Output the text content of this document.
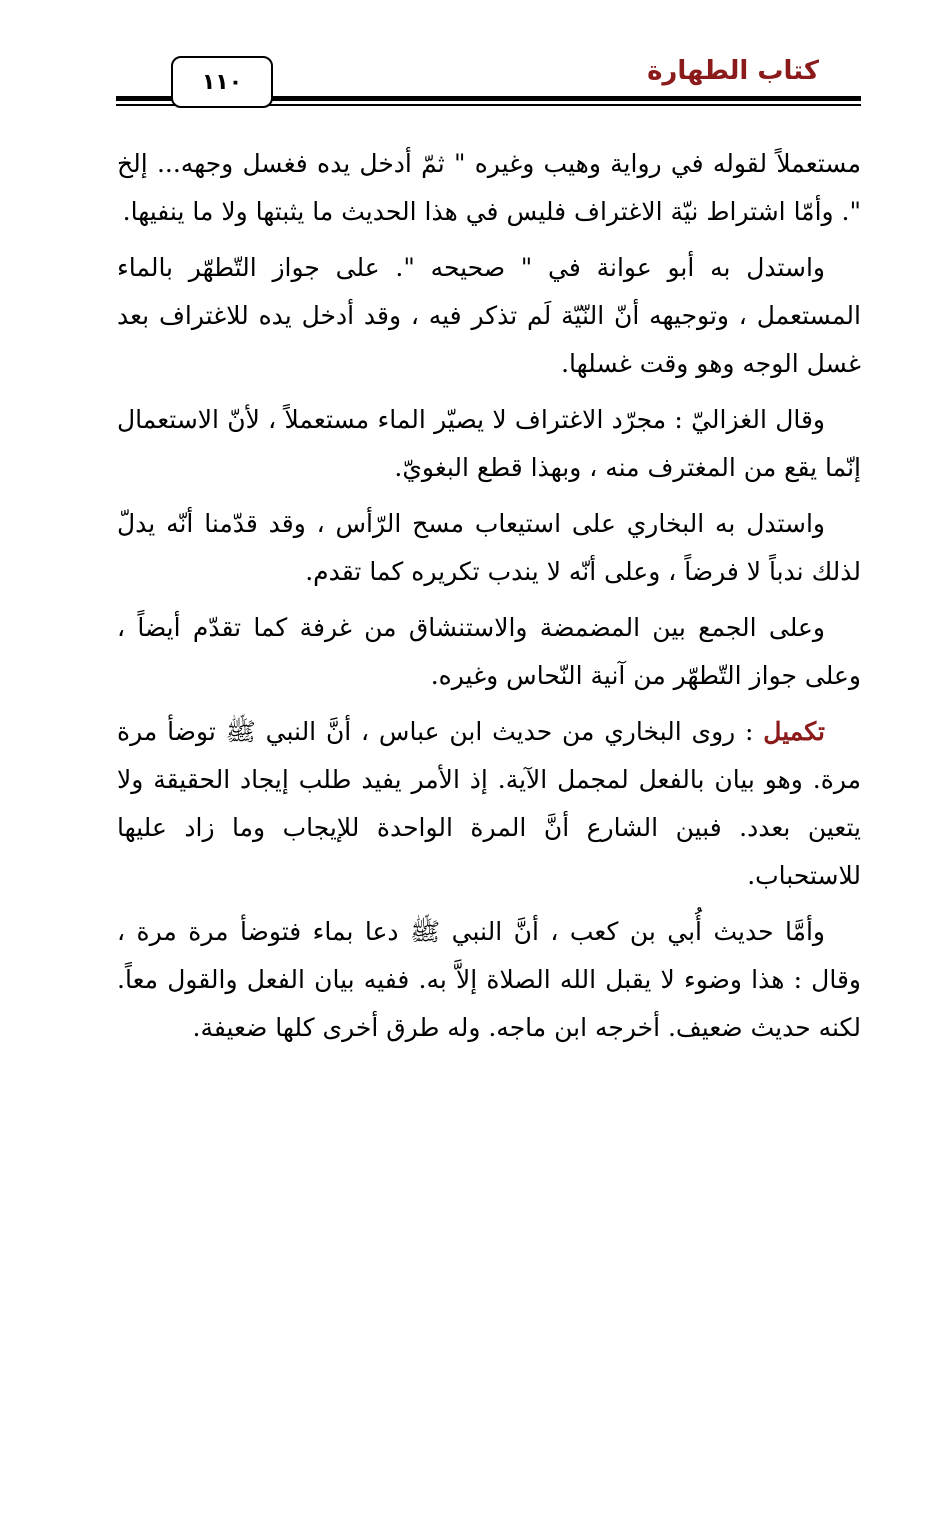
كتاب الطهارة
١١٠

مستعملاً لقوله في رواية وهيب وغيره " ثمّ أدخل يده فغسل وجهه... إلخ ". وأمّا اشتراط نيّة الاغتراف فليس في هذا الحديث ما يثبتها ولا ما ينفيها.

واستدل به أبو عوانة في " صحيحه ". على جواز التّطهّر بالماء المستعمل ، وتوجيهه أنّ النّيّة لَم تذكر فيه ، وقد أدخل يده للاغتراف بعد غسل الوجه وهو وقت غسلها.

وقال الغزاليّ : مجرّد الاغتراف لا يصيّر الماء مستعملاً ، لأنّ الاستعمال إنّما يقع من المغترف منه ، وبهذا قطع البغويّ.

واستدل به البخاري على استيعاب مسح الرّأس ، وقد قدّمنا أنّه يدلّ لذلك ندباً لا فرضاً ، وعلى أنّه لا يندب تكريره كما تقدم.

وعلى الجمع بين المضمضة والاستنشاق من غرفة كما تقدّم أيضاً ، وعلى جواز التّطهّر من آنية النّحاس وغيره.

تكميل : روى البخاري من حديث ابن عباس ، أنَّ النبي ﷺ توضأ مرة مرة. وهو بيان بالفعل لمجمل الآية. إذ الأمر يفيد طلب إيجاد الحقيقة ولا يتعين بعدد. فبين الشارع أنَّ المرة الواحدة للإيجاب وما زاد عليها للاستحباب.

وأمَّا حديث أُبي بن كعب ، أنَّ النبي ﷺ دعا بماء فتوضأ مرة مرة ، وقال : هذا وضوء لا يقبل الله الصلاة إلاَّ به. ففيه بيان الفعل والقول معاً. لكنه حديث ضعيف. أخرجه ابن ماجه. وله طرق أخرى كلها ضعيفة.
